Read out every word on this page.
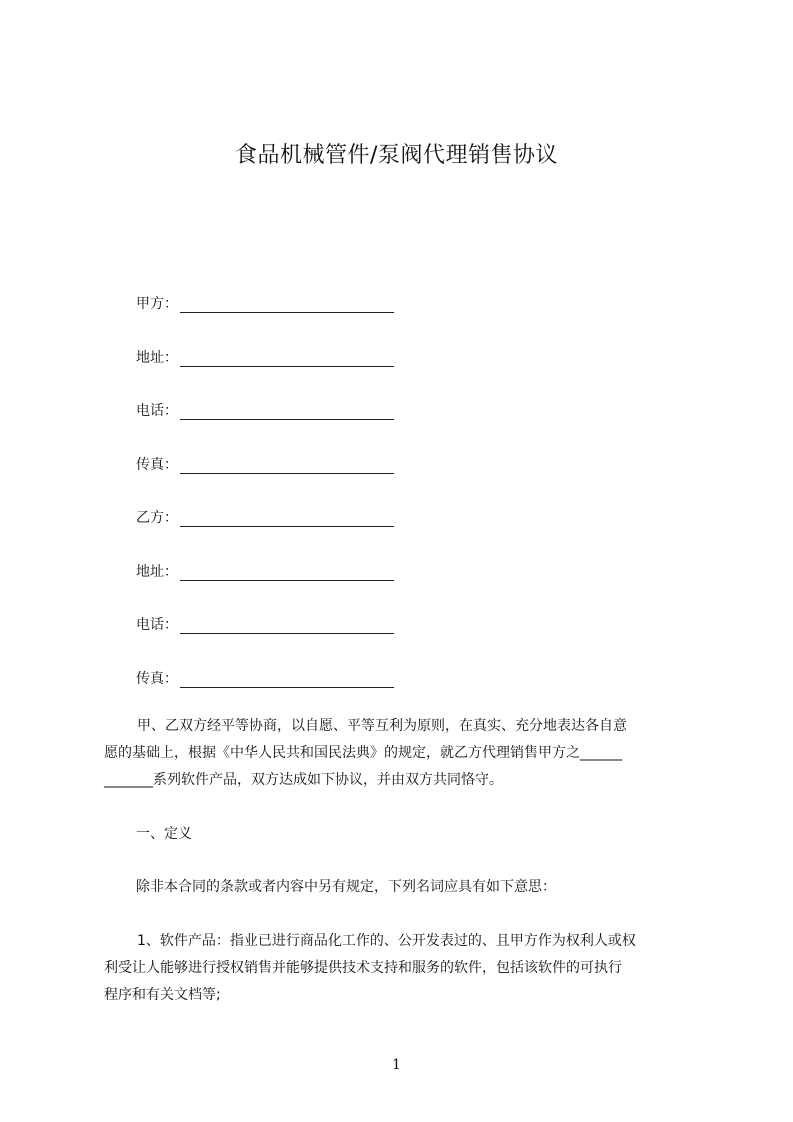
食品机械管件/泵阀代理销售协议
甲方：
地址：
电话：
传真：
乙方：
地址：
电话：
传真：
甲、乙双方经平等协商，以自愿、平等互利为原则，在真实、充分地表达各自意
愿的基础上，根据《中华人民共和国民法典》的规定，就乙方代理销售甲方之______
_______系列软件产品，双方达成如下协议，并由双方共同恪守。
一、定义
除非本合同的条款或者内容中另有规定，下列名词应具有如下意思：
1、软件产品：指业已进行商品化工作的、公开发表过的、且甲方作为权利人或权
利受让人能够进行授权销售并能够提供技术支持和服务的软件，包括该软件的可执行
程序和有关文档等;
1
